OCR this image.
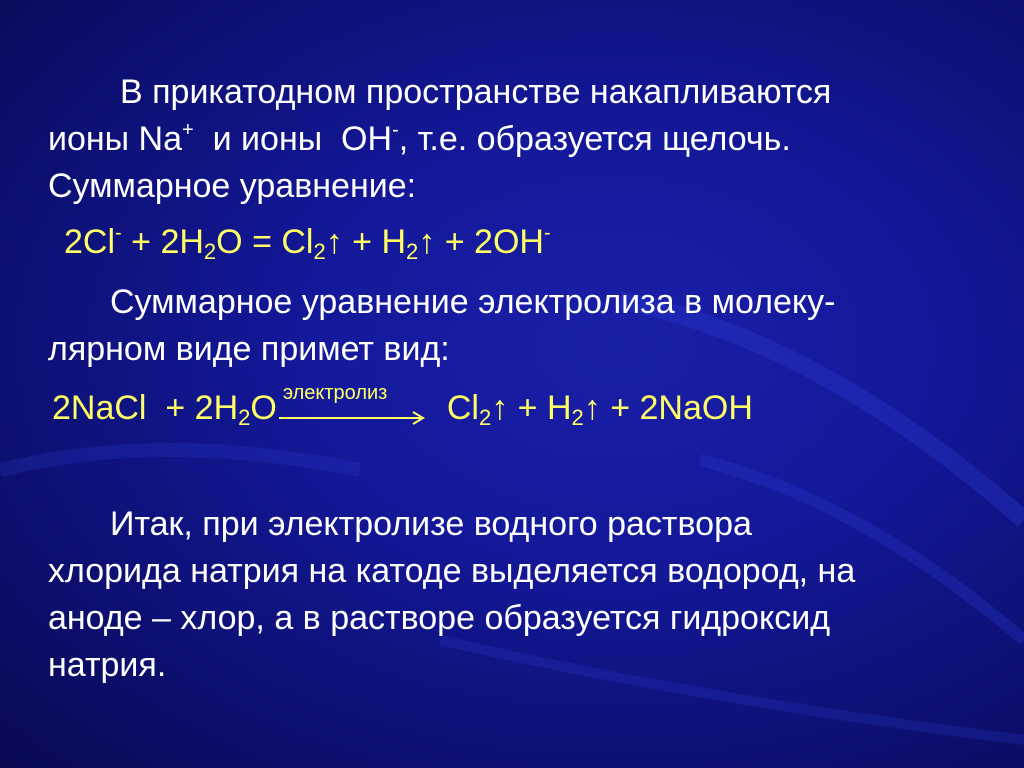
В прикатодном пространстве накапливаются
ионы Na+  и ионы  OH-, т.е. образуется щелочь.
Суммарное уравнение:
$2Cl^- + 2H_2O$ = $Cl_2↑$ + $H_2↑ + 2OH^-$
Суммарное уравнение электролиза в молеку-
лярном виде примет вид:
2NaCl  + $2H_2O$ электролиз $Cl_2↑$ + $H_2↑$ + 2NaOH
Итак, при электролизе водного раствора
хлорида натрия на катоде выделяется водород, на
аноде – хлор, а в растворе образуется гидроксид
натрия.
